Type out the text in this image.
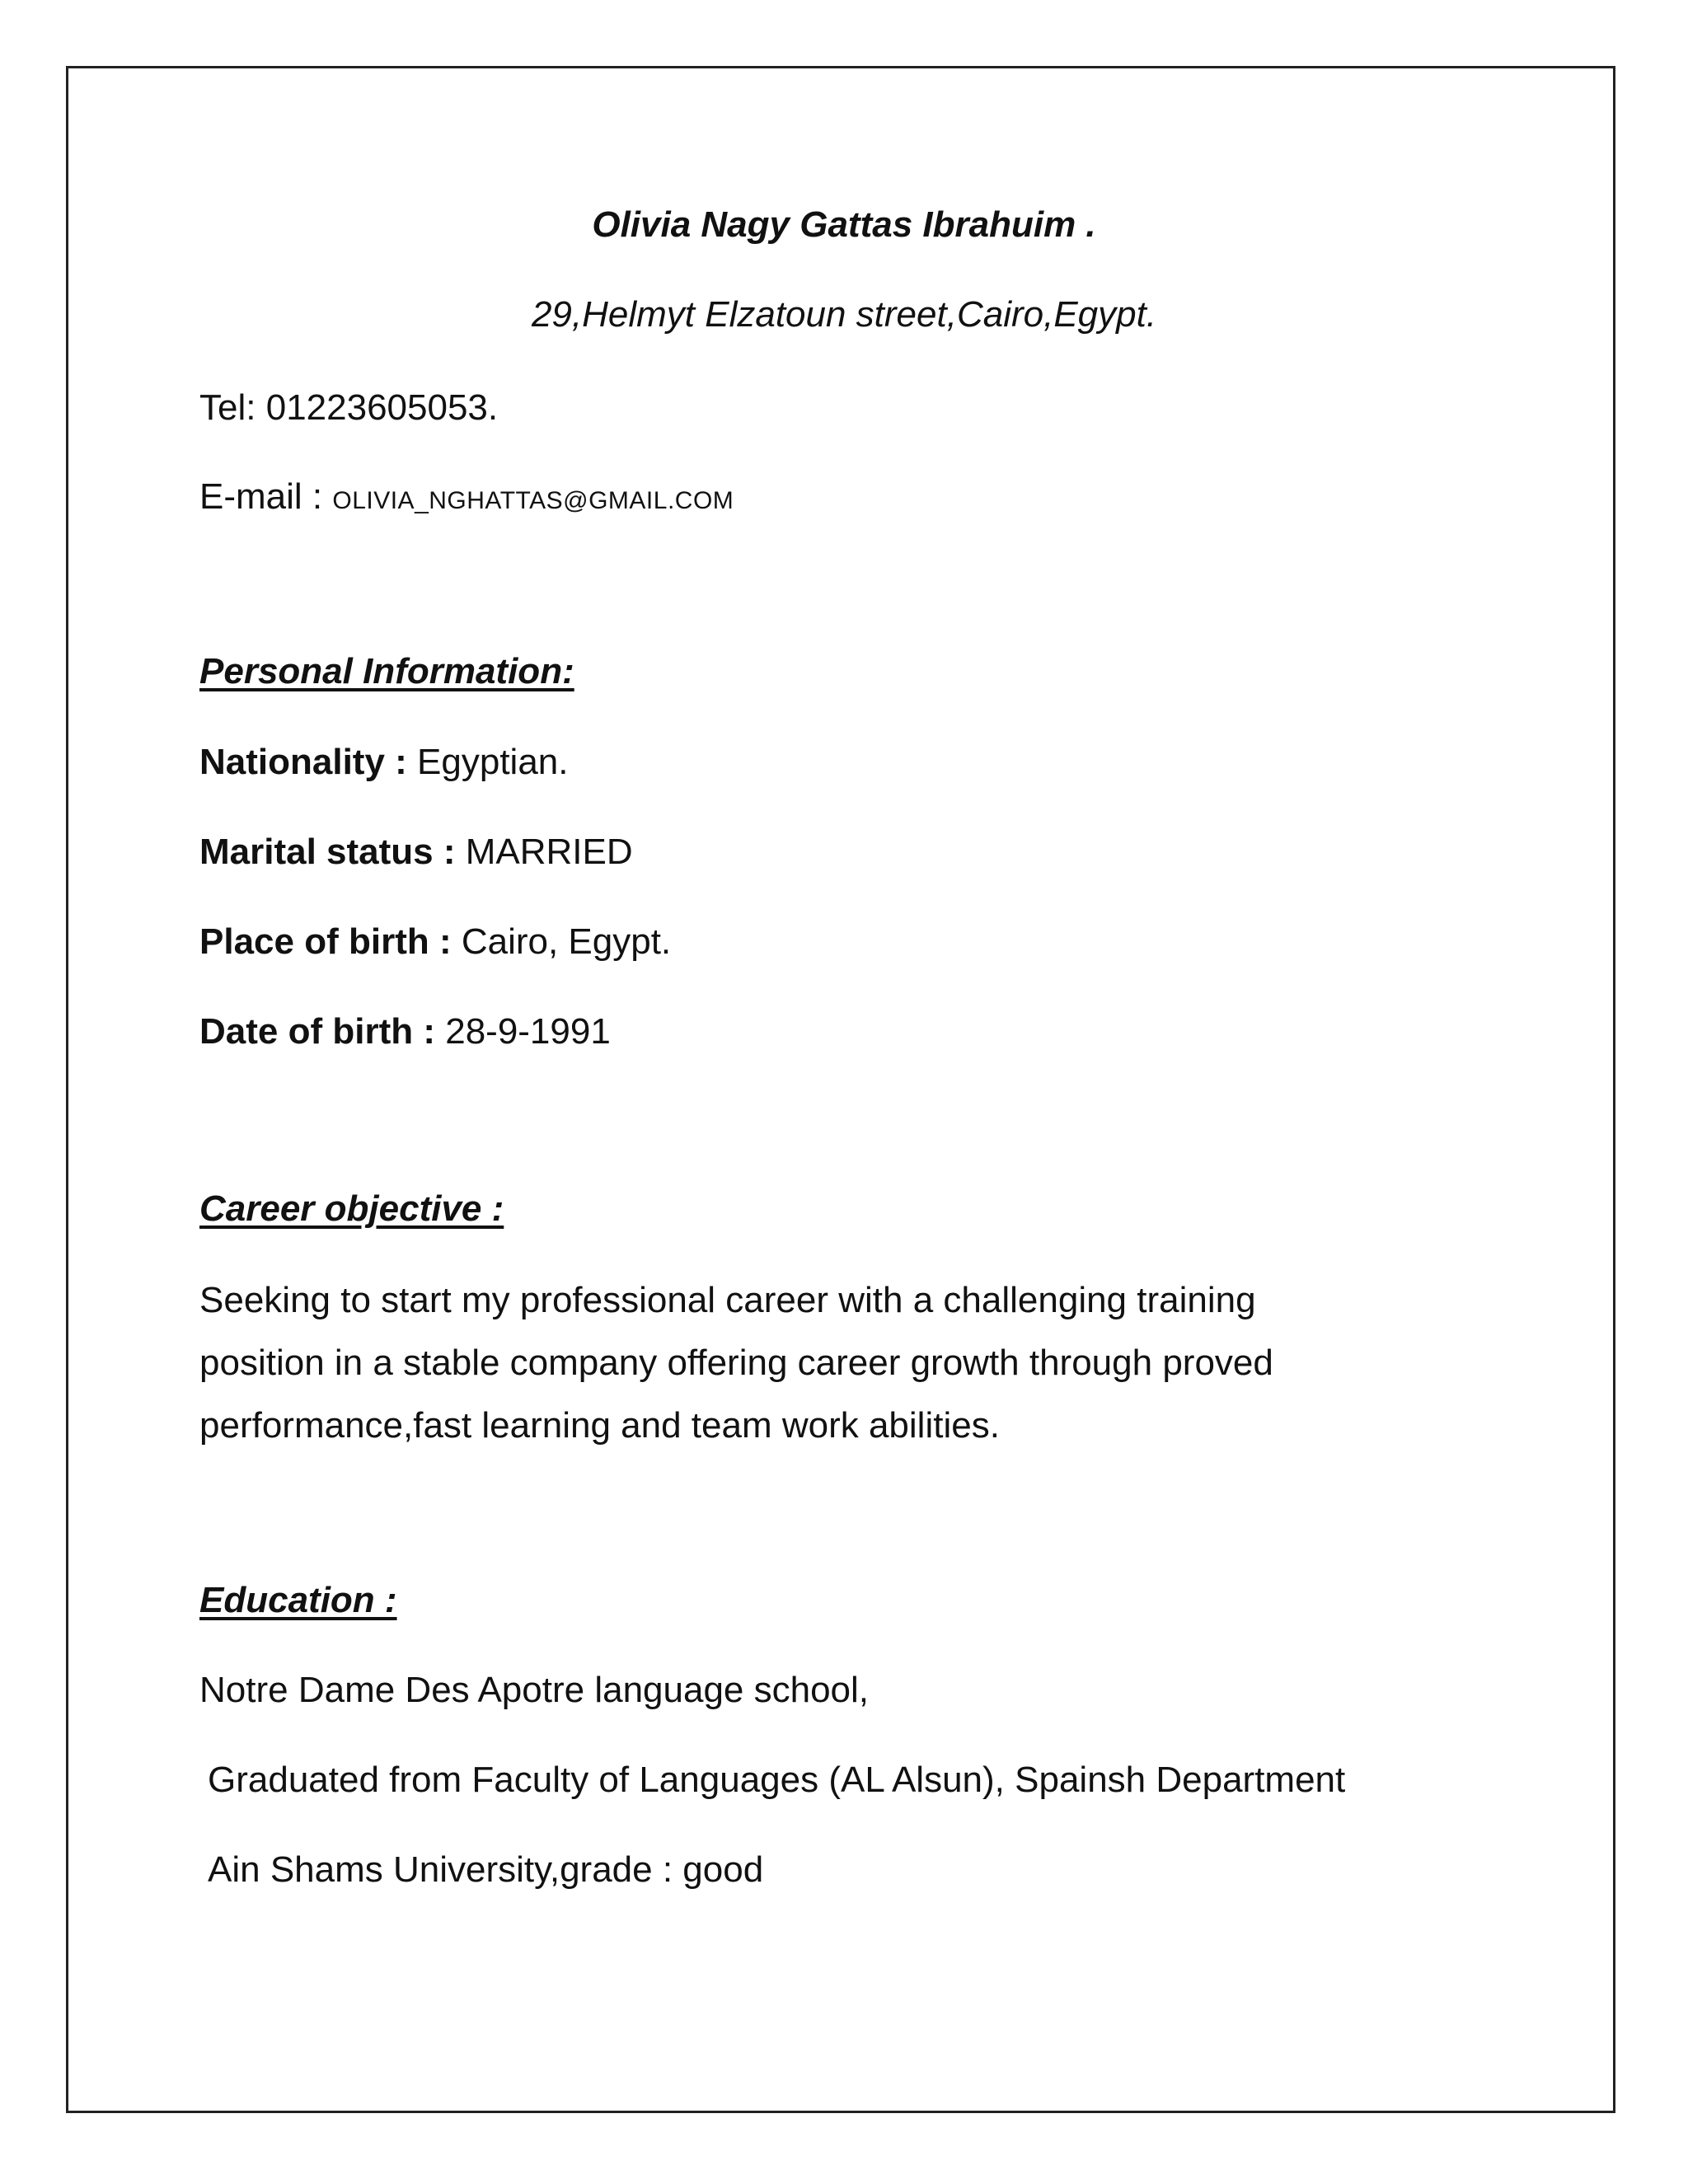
Olivia Nagy Gattas Ibrahuim .
29,Helmyt Elzatoun street,Cairo,Egypt.
Tel: 01223605053.
E-mail : OLIVIA_NGHATTAS@GMAIL.COM
Personal Information:
Nationality : Egyptian.
Marital status : MARRIED
Place of birth : Cairo, Egypt.
Date of birth : 28-9-1991
Career objective :
Seeking to start my professional career with a challenging training
position in a stable company offering career growth through proved
performance,fast learning and team work abilities.
Education :
Notre Dame Des Apotre language school,
Graduated from Faculty of Languages (AL Alsun), Spainsh Department
Ain Shams University,grade : good
